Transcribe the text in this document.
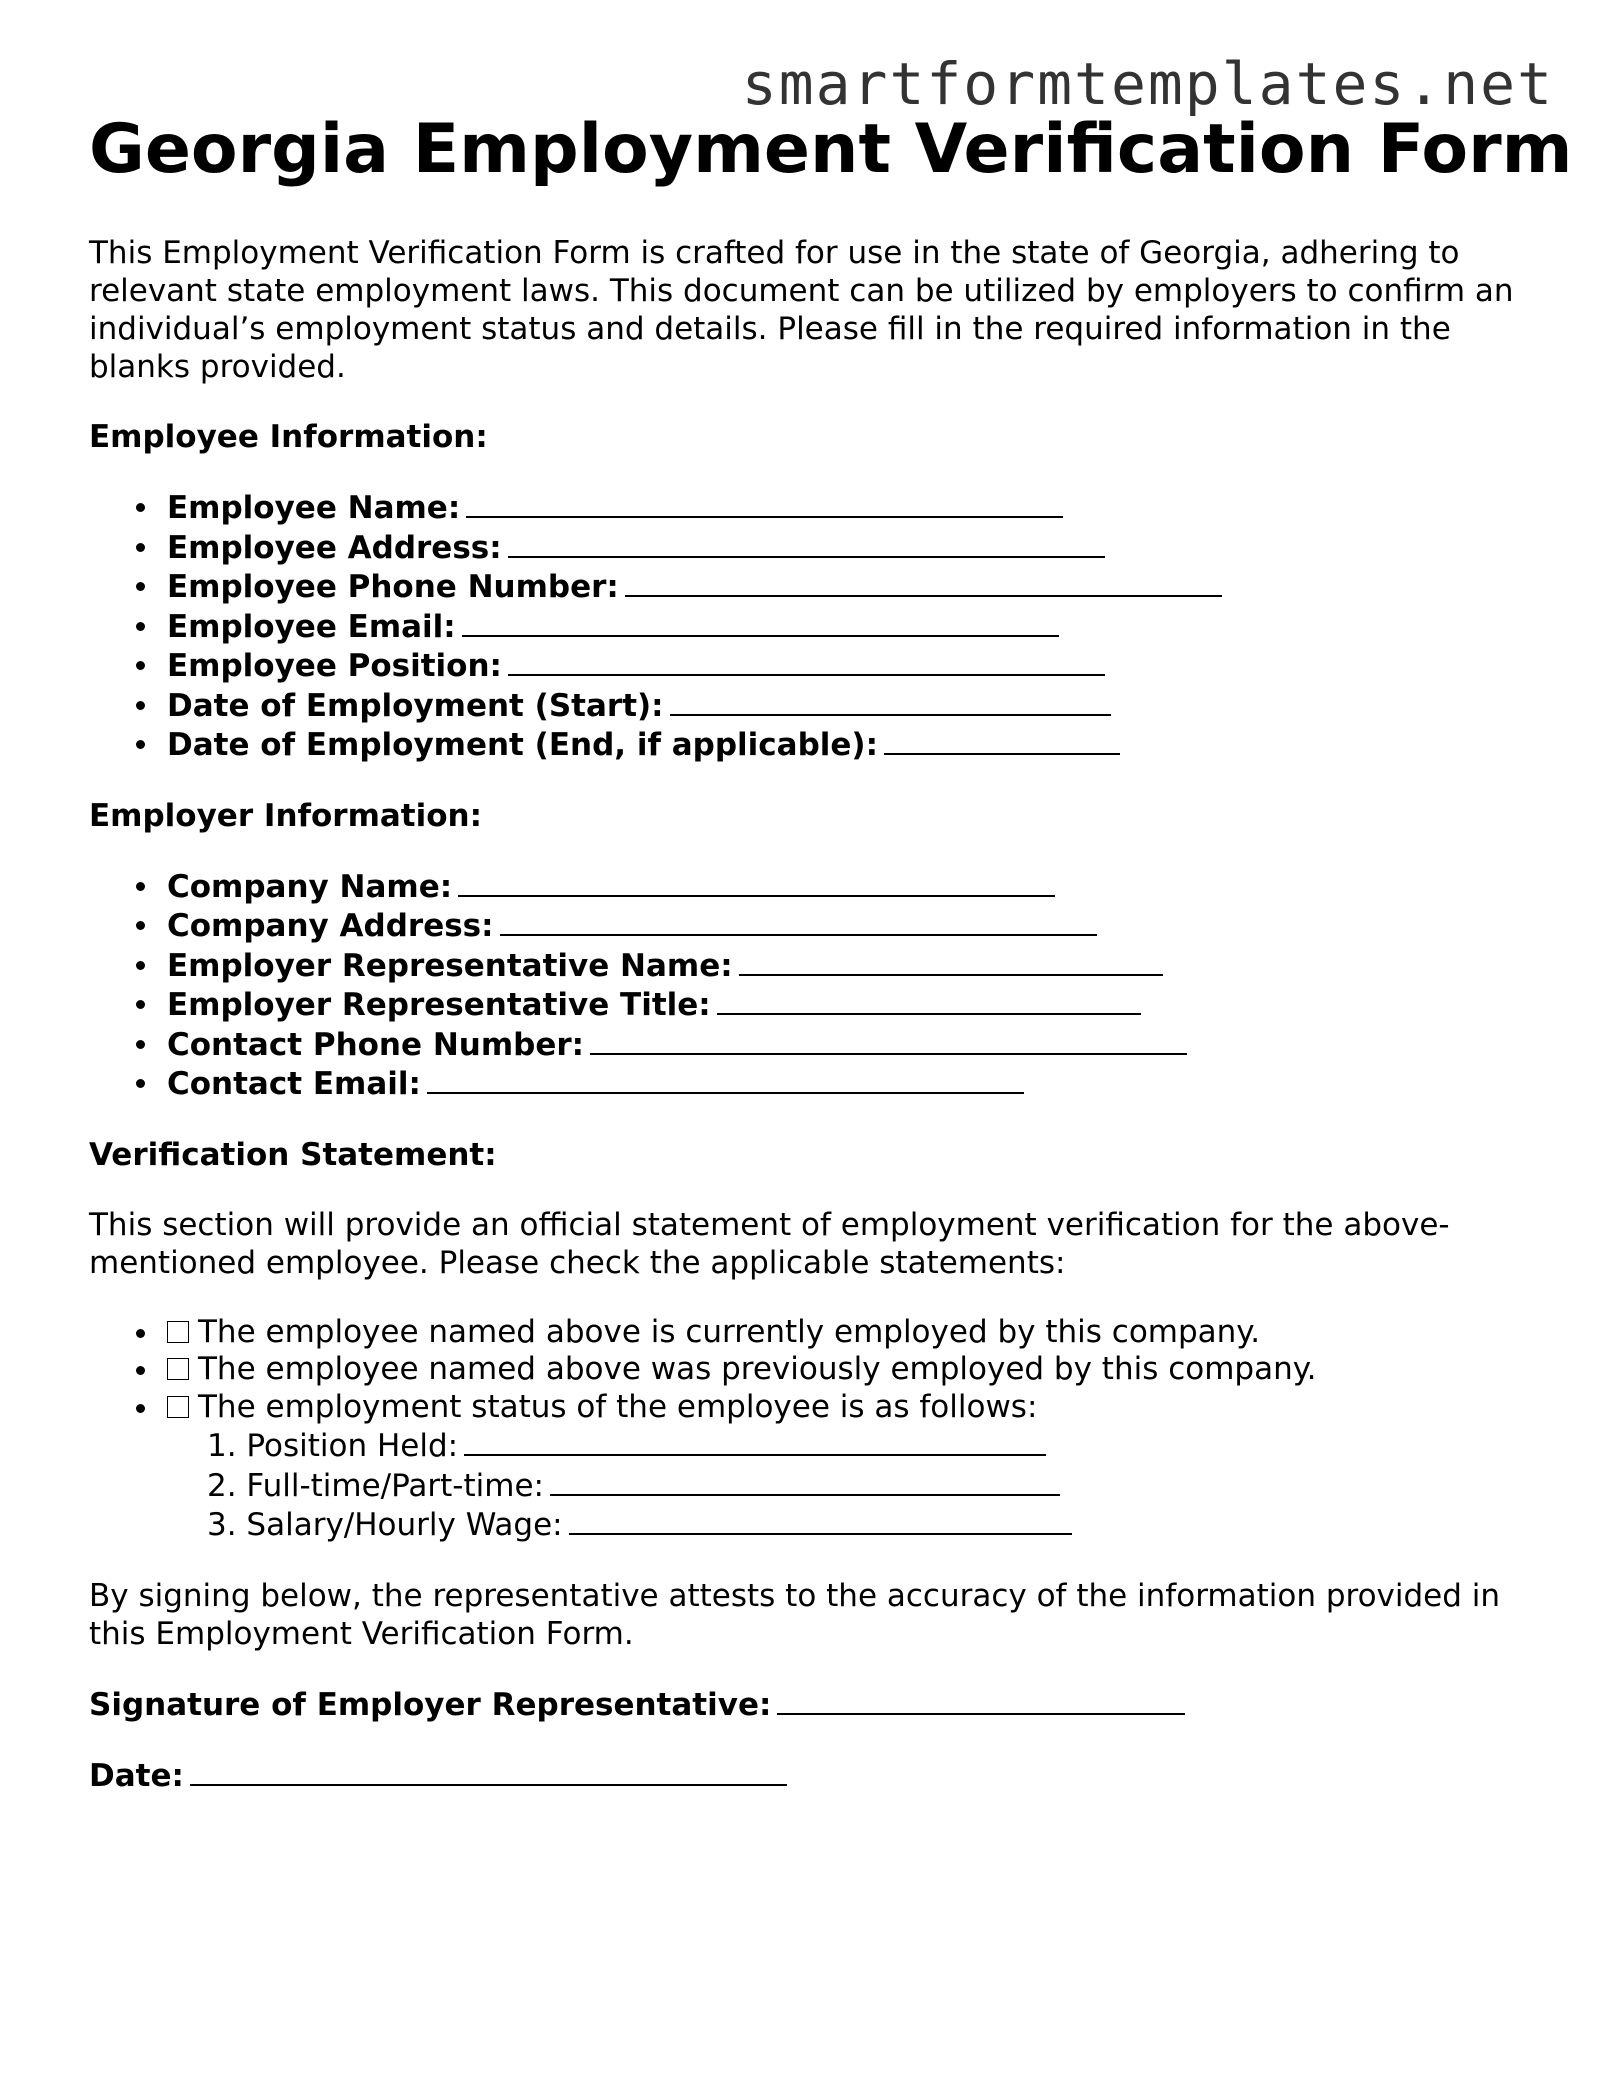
smartformtemplates.net
Georgia Employment Verification Form

This Employment Verification Form is crafted for use in the state of Georgia, adhering to relevant state employment laws. This document can be utilized by employers to confirm an individual’s employment status and details. Please fill in the required information in the blanks provided.

Employee Information:

Employee Name:
Employee Address:
Employee Phone Number:
Employee Email:
Employee Position:
Date of Employment (Start):
Date of Employment (End, if applicable):

Employer Information:

Company Name:
Company Address:
Employer Representative Name:
Employer Representative Title:
Contact Phone Number:
Contact Email:

Verification Statement:

This section will provide an official statement of employment verification for the above-mentioned employee. Please check the applicable statements:

The employee named above is currently employed by this company.
The employee named above was previously employed by this company.
The employment status of the employee is as follows:
1. Position Held:
2. Full-time/Part-time:
3. Salary/Hourly Wage:

By signing below, the representative attests to the accuracy of the information provided in this Employment Verification Form.

Signature of Employer Representative:

Date:
